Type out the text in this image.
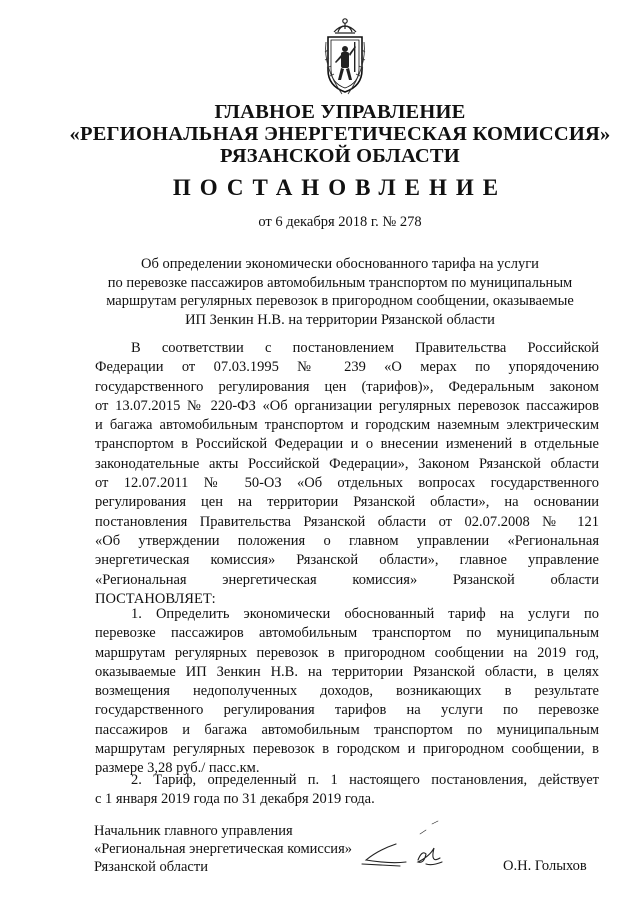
ГЛАВНОЕ УПРАВЛЕНИЕ
«РЕГИОНАЛЬНАЯ ЭНЕРГЕТИЧЕСКАЯ КОМИССИЯ»
РЯЗАНСКОЙ ОБЛАСТИ
ПОСТАНОВЛЕНИЕ
от 6 декабря 2018 г. № 278
Об определении экономически обоснованного тарифа на услуги
по перевозке пассажиров автомобильным транспортом по муниципальным
маршрутам регулярных перевозок в пригородном сообщении, оказываемые
ИП Зенкин Н.В. на территории Рязанской области
В соответствии с постановлением Правительства Российской
Федерации от 07.03.1995 № 239 «О мерах по упорядочению
государственного регулирования цен (тарифов)», Федеральным законом
от 13.07.2015 № 220-ФЗ «Об организации регулярных перевозок пассажиров
и багажа автомобильным транспортом и городским наземным электрическим
транспортом в Российской Федерации и о внесении изменений в отдельные
законодательные акты Российской Федерации», Законом Рязанской области
от 12.07.2011 № 50-ОЗ «Об отдельных вопросах государственного
регулирования цен на территории Рязанской области», на основании
постановления Правительства Рязанской области от 02.07.2008 № 121
«Об утверждении положения о главном управлении «Региональная
энергетическая комиссия» Рязанской области», главное управление
«Региональная энергетическая комиссия» Рязанской области
ПОСТАНОВЛЯЕТ:
1. Определить экономически обоснованный тариф на услуги по
перевозке пассажиров автомобильным транспортом по муниципальным
маршрутам регулярных перевозок в пригородном сообщении на 2019 год,
оказываемые ИП Зенкин Н.В. на территории Рязанской области, в целях
возмещения недополученных доходов, возникающих в результате
государственного регулирования тарифов на услуги по перевозке
пассажиров и багажа автомобильным транспортом по муниципальным
маршрутам регулярных перевозок в городском и пригородном сообщении, в
размере 3,28 руб./ пасс.км.
2. Тариф, определенный п. 1 настоящего постановления, действует
с 1 января 2019 года по 31 декабря 2019 года.
Начальник главного управления
«Региональная энергетическая комиссия»
Рязанской области	О.Н. Голыхов
